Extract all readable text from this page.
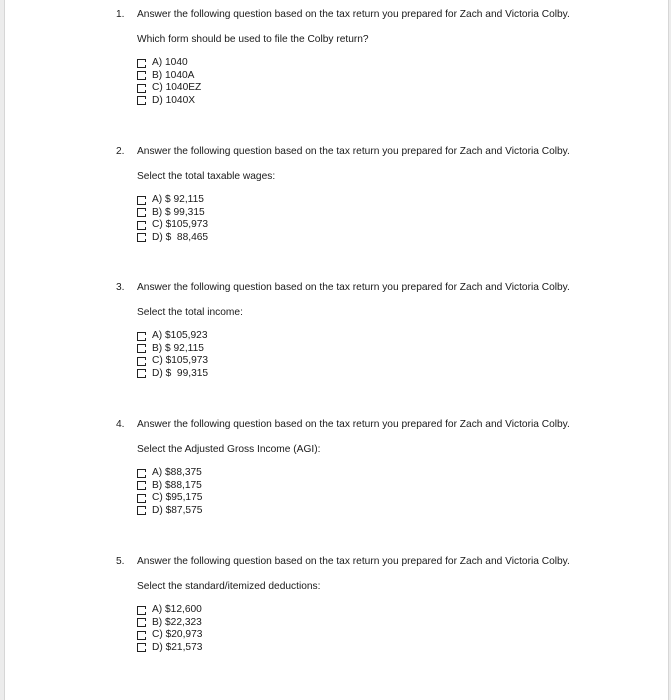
1. Answer the following question based on the tax return you prepared for Zach and Victoria Colby.
Which form should be used to file the Colby return?
A) 1040
B) 1040A
C) 1040EZ
D) 1040X
2. Answer the following question based on the tax return you prepared for Zach and Victoria Colby.
Select the total taxable wages:
A) $ 92,115
B) $ 99,315
C) $105,973
D) $  88,465
3. Answer the following question based on the tax return you prepared for Zach and Victoria Colby.
Select the total income:
A) $105,923
B) $ 92,115
C) $105,973
D) $  99,315
4. Answer the following question based on the tax return you prepared for Zach and Victoria Colby.
Select the Adjusted Gross Income (AGI):
A) $88,375
B) $88,175
C) $95,175
D) $87,575
5. Answer the following question based on the tax return you prepared for Zach and Victoria Colby.
Select the standard/itemized deductions:
A) $12,600
B) $22,323
C) $20,973
D) $21,573
